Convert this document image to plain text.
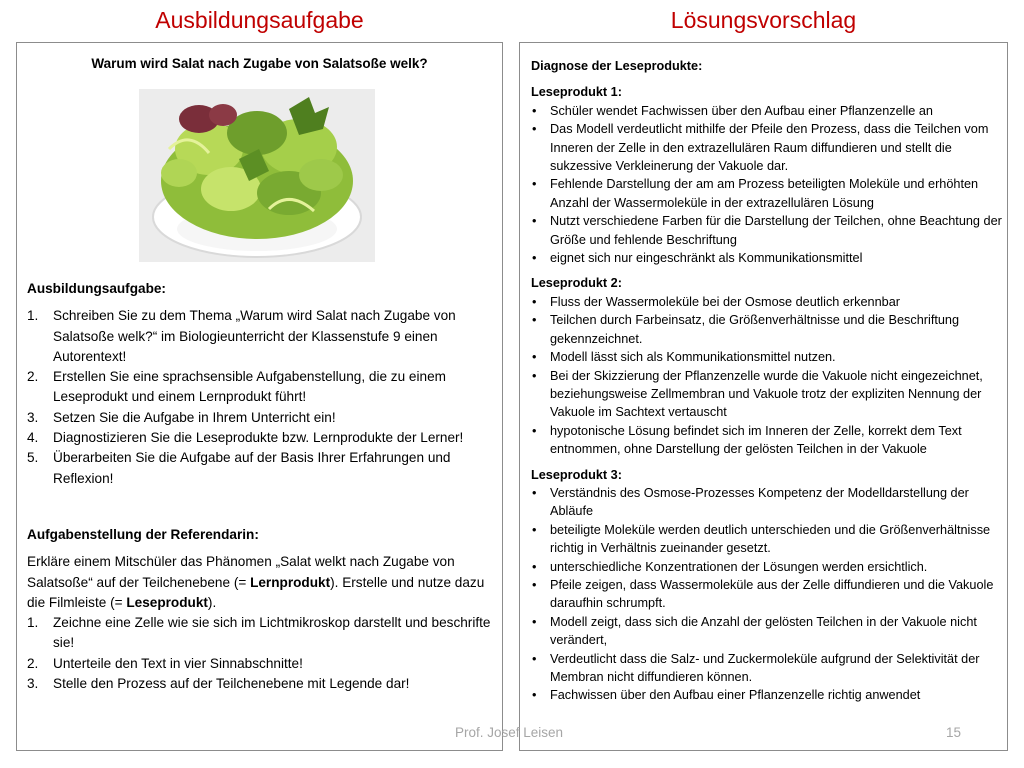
Ausbildungsaufgabe	Lösungsvorschlag
Warum wird Salat nach Zugabe von Salatsoße welk?
Ausbildungsaufgabe:
1. Schreiben Sie zu dem Thema „Warum wird Salat nach Zugabe von Salatsoße welk?“ im Biologieunterricht der Klassenstufe 9 einen Autorentext!
2. Erstellen Sie eine sprachsensible Aufgabenstellung, die zu einem Leseprodukt und einem Lernprodukt führt!
3. Setzen Sie die Aufgabe in Ihrem Unterricht ein!
4. Diagnostizieren Sie die Leseprodukte bzw. Lernprodukte der Lerner!
5. Überarbeiten Sie die Aufgabe auf der Basis Ihrer Erfahrungen und Reflexion!
Aufgabenstellung der Referendarin:
Erkläre einem Mitschüler das Phänomen „Salat welkt nach Zugabe von Salatsoße“ auf der Teilchenebene (= Lernprodukt). Erstelle und nutze dazu die Filmleiste (= Leseprodukt).
1. Zeichne eine Zelle wie sie sich im Lichtmikroskop darstellt und beschrifte sie!
2. Unterteile den Text in vier Sinnabschnitte!
3. Stelle den Prozess auf der Teilchenebene mit Legende dar!
Diagnose der Leseprodukte:
Leseprodukt 1:
• Schüler wendet Fachwissen über den Aufbau einer Pflanzenzelle an
• Das Modell verdeutlicht mithilfe der Pfeile den Prozess, dass die Teilchen vom Inneren der Zelle in den extrazellulären Raum diffundieren und stellt die sukzessive Verkleinerung der Vakuole dar.
• Fehlende Darstellung der am am Prozess beteiligten Moleküle und erhöhten Anzahl der Wassermoleküle in der extrazellulären Lösung
• Nutzt verschiedene Farben für die Darstellung der Teilchen, ohne Beachtung der Größe und fehlende Beschriftung
• eignet sich nur eingeschränkt als Kommunikationsmittel
Leseprodukt 2:
• Fluss der Wassermoleküle bei der Osmose deutlich erkennbar
• Teilchen durch Farbeinsatz, die Größenverhältnisse und die Beschriftung gekennzeichnet.
• Modell lässt sich als Kommunikationsmittel nutzen.
• Bei der Skizzierung der Pflanzenzelle wurde die Vakuole nicht eingezeichnet, beziehungsweise Zellmembran und Vakuole trotz der expliziten Nennung der Vakuole im Sachtext vertauscht
• hypotonische Lösung befindet sich im Inneren der Zelle, korrekt dem Text entnommen, ohne Darstellung der gelösten Teilchen in der Vakuole
Leseprodukt 3:
• Verständnis des Osmose-Prozesses Kompetenz der Modelldarstellung der Abläufe
• beteiligte Moleküle werden deutlich unterschieden und die Größenverhältnisse richtig in Verhältnis zueinander gesetzt.
• unterschiedliche Konzentrationen der Lösungen werden ersichtlich.
• Pfeile zeigen, dass Wassermoleküle aus der Zelle diffundieren und die Vakuole daraufhin schrumpft.
• Modell zeigt, dass sich die Anzahl der gelösten Teilchen in der Vakuole nicht verändert,
• Verdeutlicht dass die Salz- und Zuckermoleküle aufgrund der Selektivität der Membran nicht diffundieren können.
• Fachwissen über den Aufbau einer Pflanzenzelle richtig anwendet
Prof. Josef Leisen	15
